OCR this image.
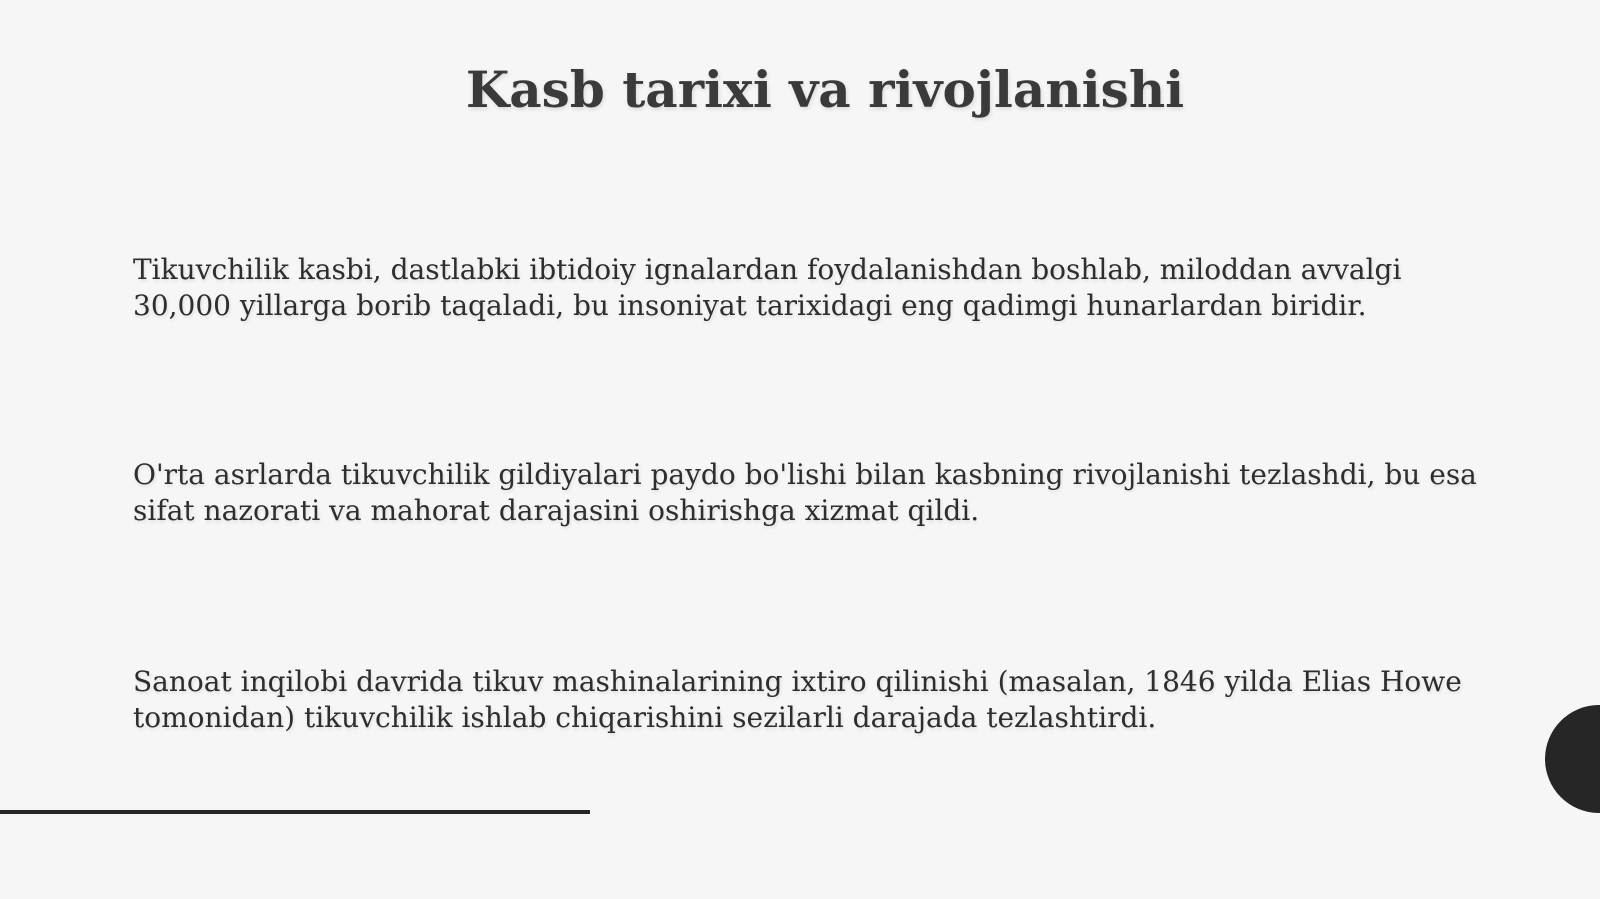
Kasb tarixi va rivojlanishi

Tikuvchilik kasbi, dastlabki ibtidoiy ignalardan foydalanishdan boshlab, miloddan avvalgi
30,000 yillarga borib taqaladi, bu insoniyat tarixidagi eng qadimgi hunarlardan biridir.

O'rta asrlarda tikuvchilik gildiyalari paydo bo'lishi bilan kasbning rivojlanishi tezlashdi, bu esa
sifat nazorati va mahorat darajasini oshirishga xizmat qildi.

Sanoat inqilobi davrida tikuv mashinalarining ixtiro qilinishi (masalan, 1846 yilda Elias Howe
tomonidan) tikuvchilik ishlab chiqarishini sezilarli darajada tezlashtirdi.
